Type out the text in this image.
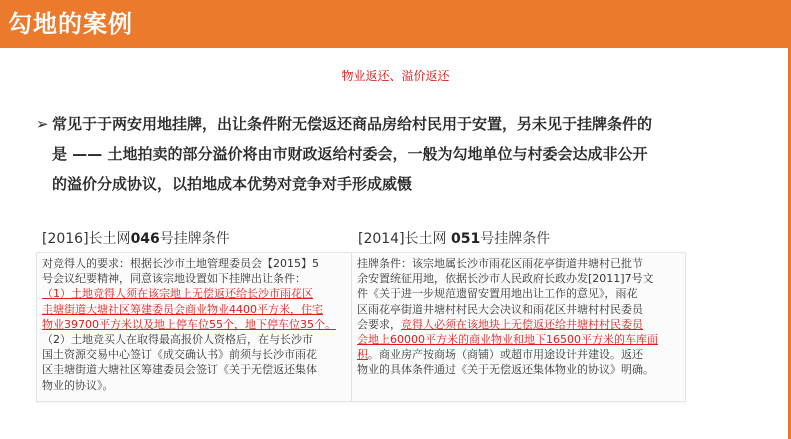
勾地的案例
物业返还、溢价返还
➢ 常见于于两安用地挂牌，出让条件附无偿返还商品房给村民用于安置，另未见于挂牌条件的
是 —— 土地拍卖的部分溢价将由市财政返给村委会，一般为勾地单位与村委会达成非公开
的溢价分成协议，以拍地成本优势对竞争对手形成威慑
[2016]长土网046号挂牌条件	[2014]长土网 051号挂牌条件
对竞得人的要求：根据长沙市土地管理委员会【2015】5
号会议纪要精神，同意该宗地设置如下挂牌出让条件：
（1）土地竞得人须在该宗地上无偿返还给长沙市雨花区
圭塘街道大塘社区筹建委员会商业物业4400平方米，住宅
物业39700平方米以及地上停车位55个，地下停车位35个。
（2）土地竞买人在取得最高报价人资格后，在与长沙市
国土资源交易中心签订《成交确认书》前须与长沙市雨花
区圭塘街道大塘社区筹建委员会签订《关于无偿返还集体
物业的协议》。
挂牌条件：该宗地属长沙市雨花区雨花亭街道井塘村已批节
余安置统征用地，依据长沙市人民政府长政办发[2011]7号文
件《关于进一步规范遗留安置用地出让工作的意见》，雨花
区雨花亭街道井塘村村民大会决议和雨花区井塘村村民委员
会要求，竞得人必须在该地块上无偿返还给井塘村村民委员
会地上60000平方米的商业物业和地下16500平方米的车库面
积。商业房产按商场（商铺）或超市用途设计并建设。返还
物业的具体条件通过《关于无偿返还集体物业的协议》明确。
